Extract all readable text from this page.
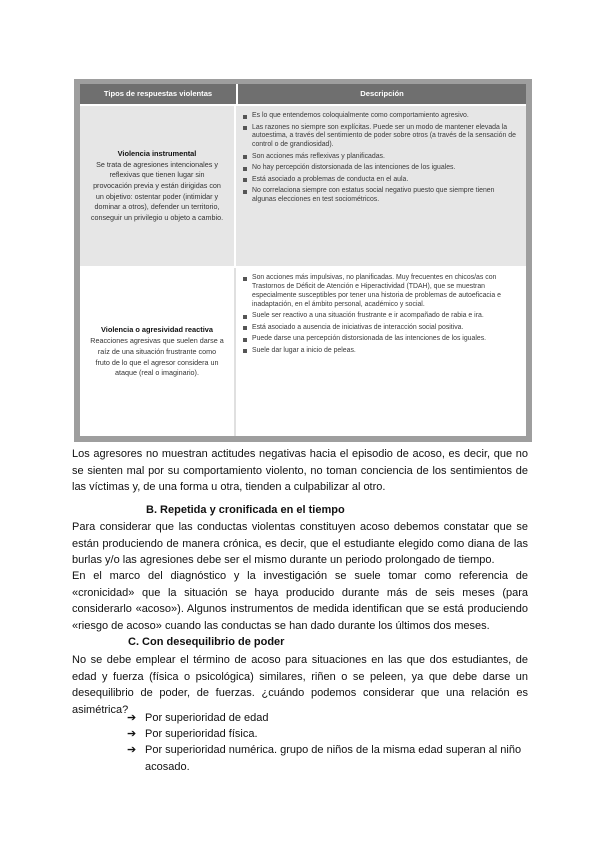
Tipos de respuestas violentas	Descripción
Violencia instrumental
Se trata de agresiones intencionales y reflexivas que tienen lugar sin provocación previa y están dirigidas con un objetivo: ostentar poder (intimidar y dominar a otros), defender un territorio, conseguir un privilegio u objeto a cambio.
Es lo que entendemos coloquialmente como comportamiento agresivo.
Las razones no siempre son explícitas. Puede ser un modo de mantener elevada la autoestima, a través del sentimiento de poder sobre otros (a través de la sensación de control o de grandiosidad).
Son acciones más reflexivas y planificadas.
No hay percepción distorsionada de las intenciones de los iguales.
Está asociado a problemas de conducta en el aula.
No correlaciona siempre con estatus social negativo puesto que siempre tienen algunas elecciones en test sociométricos.
Violencia o agresividad reactiva
Reacciones agresivas que suelen darse a raíz de una situación frustrante como fruto de lo que el agresor considera un ataque (real o imaginario).
Son acciones más impulsivas, no planificadas. Muy frecuentes en chicos/as con Trastornos de Déficit de Atención e Hiperactividad (TDAH), que se muestran especialmente susceptibles por tener una historia de problemas de autoeficacia e inadaptación, en el ámbito personal, académico y social.
Suele ser reactivo a una situación frustrante e ir acompañado de rabia e ira.
Está asociado a ausencia de iniciativas de interacción social positiva.
Puede darse una percepción distorsionada de las intenciones de los iguales.
Suele dar lugar a inicio de peleas.
Los agresores no muestran actitudes negativas hacia el episodio de acoso, es decir, que no se sienten mal por su comportamiento violento, no toman conciencia de los sentimientos de las víctimas y, de una forma u otra, tienden a culpabilizar al otro.
B. Repetida y cronificada en el tiempo
Para considerar que las conductas violentas constituyen acoso debemos constatar que se están produciendo de manera crónica, es decir, que el estudiante elegido como diana de las burlas y/o las agresiones debe ser el mismo durante un periodo prolongado de tiempo.
En el marco del diagnóstico y la investigación se suele tomar como referencia de «cronicidad» que la situación se haya producido durante más de seis meses (para considerarlo «acoso»). Algunos instrumentos de medida identifican que se está produciendo «riesgo de acoso» cuando las conductas se han dado durante los últimos dos meses.
C. Con desequilibrio de poder
No se debe emplear el término de acoso para situaciones en las que dos estudiantes, de edad y fuerza (física o psicológica) similares, riñen o se peleen, ya que debe darse un desequilibrio de poder, de fuerzas. ¿cuándo podemos considerar que una relación es asimétrica?
➔ Por superioridad de edad
➔ Por superioridad física.
➔ Por superioridad numérica. grupo de niños de la misma edad superan al niño acosado.
